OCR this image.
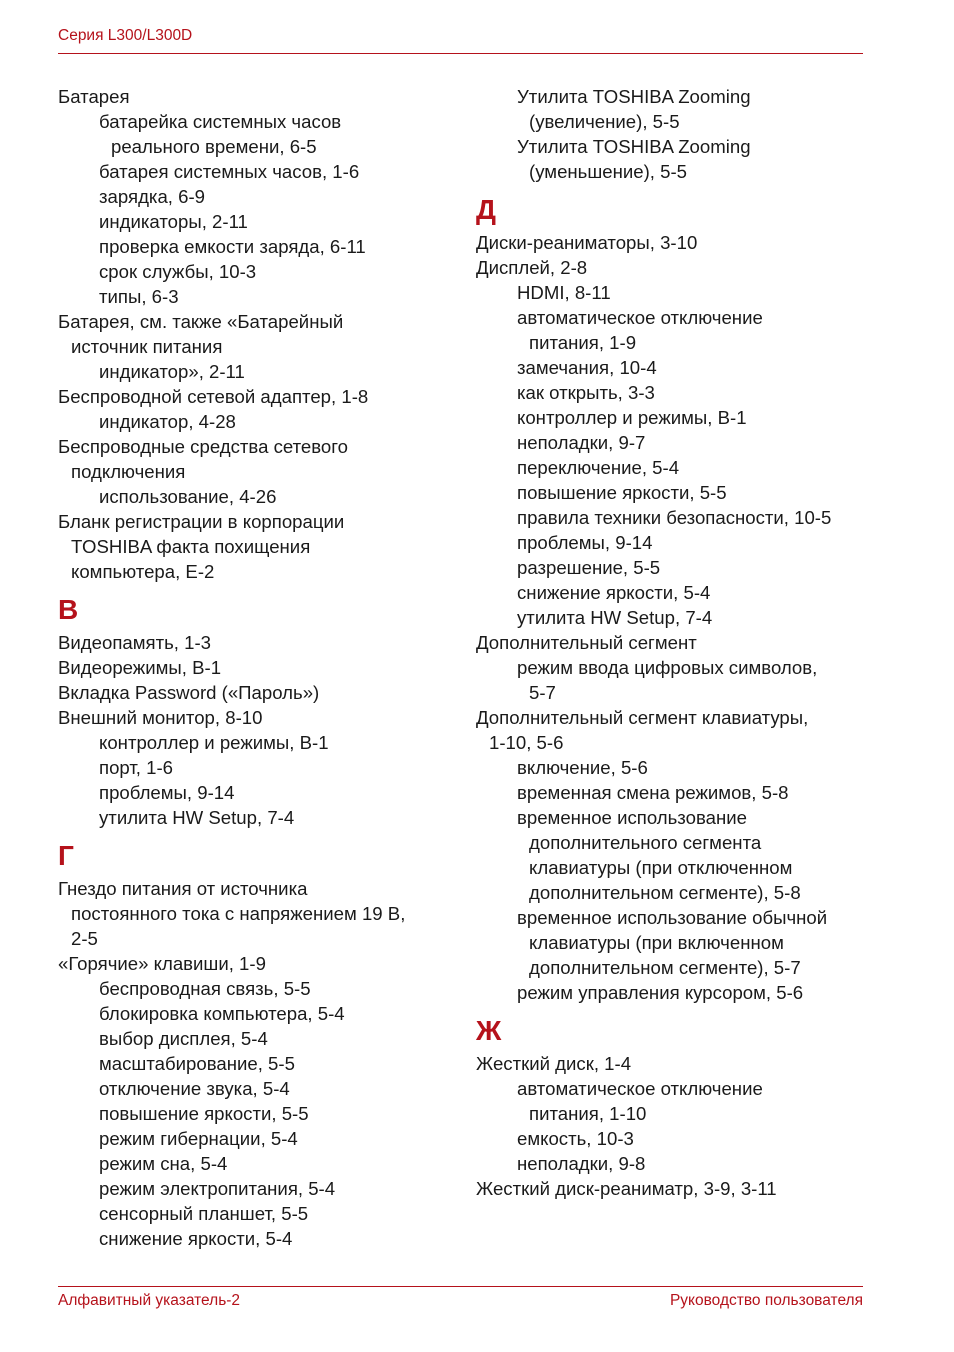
Серия L300/L300D
Батарея
батарейка системных часов
реального времени, 6-5
батарея системных часов, 1-6
зарядка, 6-9
индикаторы, 2-11
проверка емкости заряда, 6-11
срок службы, 10-3
типы, 6-3
Батарея, см. также «Батарейный
источник питания
индикатор», 2-11
Беспроводной сетевой адаптер, 1-8
индикатор, 4-28
Беспроводные средства сетевого
подключения
использование, 4-26
Бланк регистрации в корпорации
TOSHIBA факта похищения
компьютера, E-2
В
Видеопамять, 1-3
Видеорежимы, B-1
Вкладка Password («Пароль»)
Внешний монитор, 8-10
контроллер и режимы, B-1
порт, 1-6
проблемы, 9-14
утилита HW Setup, 7-4
Г
Гнездо питания от источника
постоянного тока с напряжением 19 В,
2-5
«Горячие» клавиши, 1-9
беспроводная связь, 5-5
блокировка компьютера, 5-4
выбор дисплея, 5-4
масштабирование, 5-5
отключение звука, 5-4
повышение яркости, 5-5
режим гибернации, 5-4
режим сна, 5-4
режим электропитания, 5-4
сенсорный планшет, 5-5
снижение яркости, 5-4
Утилита TOSHIBA Zooming
(увеличение), 5-5
Утилита TOSHIBA Zooming
(уменьшение), 5-5
Д
Диски-реаниматоры, 3-10
Дисплей, 2-8
HDMI, 8-11
автоматическое отключение
питания, 1-9
замечания, 10-4
как открыть, 3-3
контроллер и режимы, B-1
неполадки, 9-7
переключение, 5-4
повышение яркости, 5-5
правила техники безопасности, 10-5
проблемы, 9-14
разрешение, 5-5
снижение яркости, 5-4
утилита HW Setup, 7-4
Дополнительный сегмент
режим ввода цифровых символов,
5-7
Дополнительный сегмент клавиатуры,
1-10, 5-6
включение, 5-6
временная смена режимов, 5-8
временное использование
дополнительного сегмента
клавиатуры (при отключенном
дополнительном сегменте), 5-8
временное использование обычной
клавиатуры (при включенном
дополнительном сегменте), 5-7
режим управления курсором, 5-6
Ж
Жесткий диск, 1-4
автоматическое отключение
питания, 1-10
емкость, 10-3
неполадки, 9-8
Жесткий диск-реаниматр, 3-9, 3-11
Алфавитный указатель-2	Руководство пользователя
